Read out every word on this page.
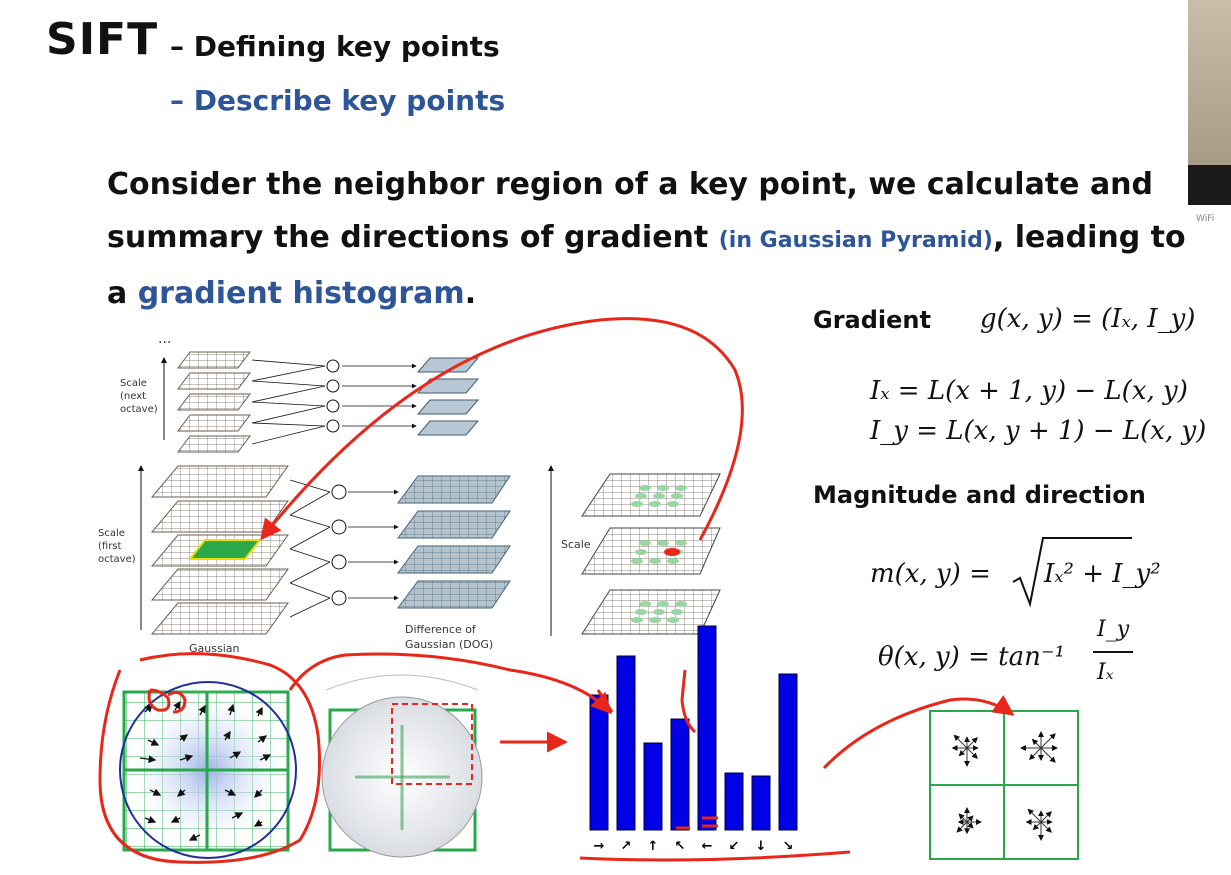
SIFT – Defining key points
– Describe key points
Consider the neighbor region of a key point, we calculate and summary the directions of gradient (in Gaussian Pyramid), leading to a gradient histogram.
WiFi
Gradient g(x, y) = (Iₓ, I_y)
Iₓ = L(x + 1, y) − L(x, y)
I_y = L(x, y + 1) − L(x, y)
Magnitude and direction
m(x, y) = Iₓ² + I_y²
θ(x, y) = tan⁻¹
I_y
Iₓ
...
Scale
(next
octave)
Scale
(first
octave)
Scale
Gaussian
Difference of
Gaussian (DOG)
→ ↗ ↑ ↖ ← ↙ ↓ ↘
